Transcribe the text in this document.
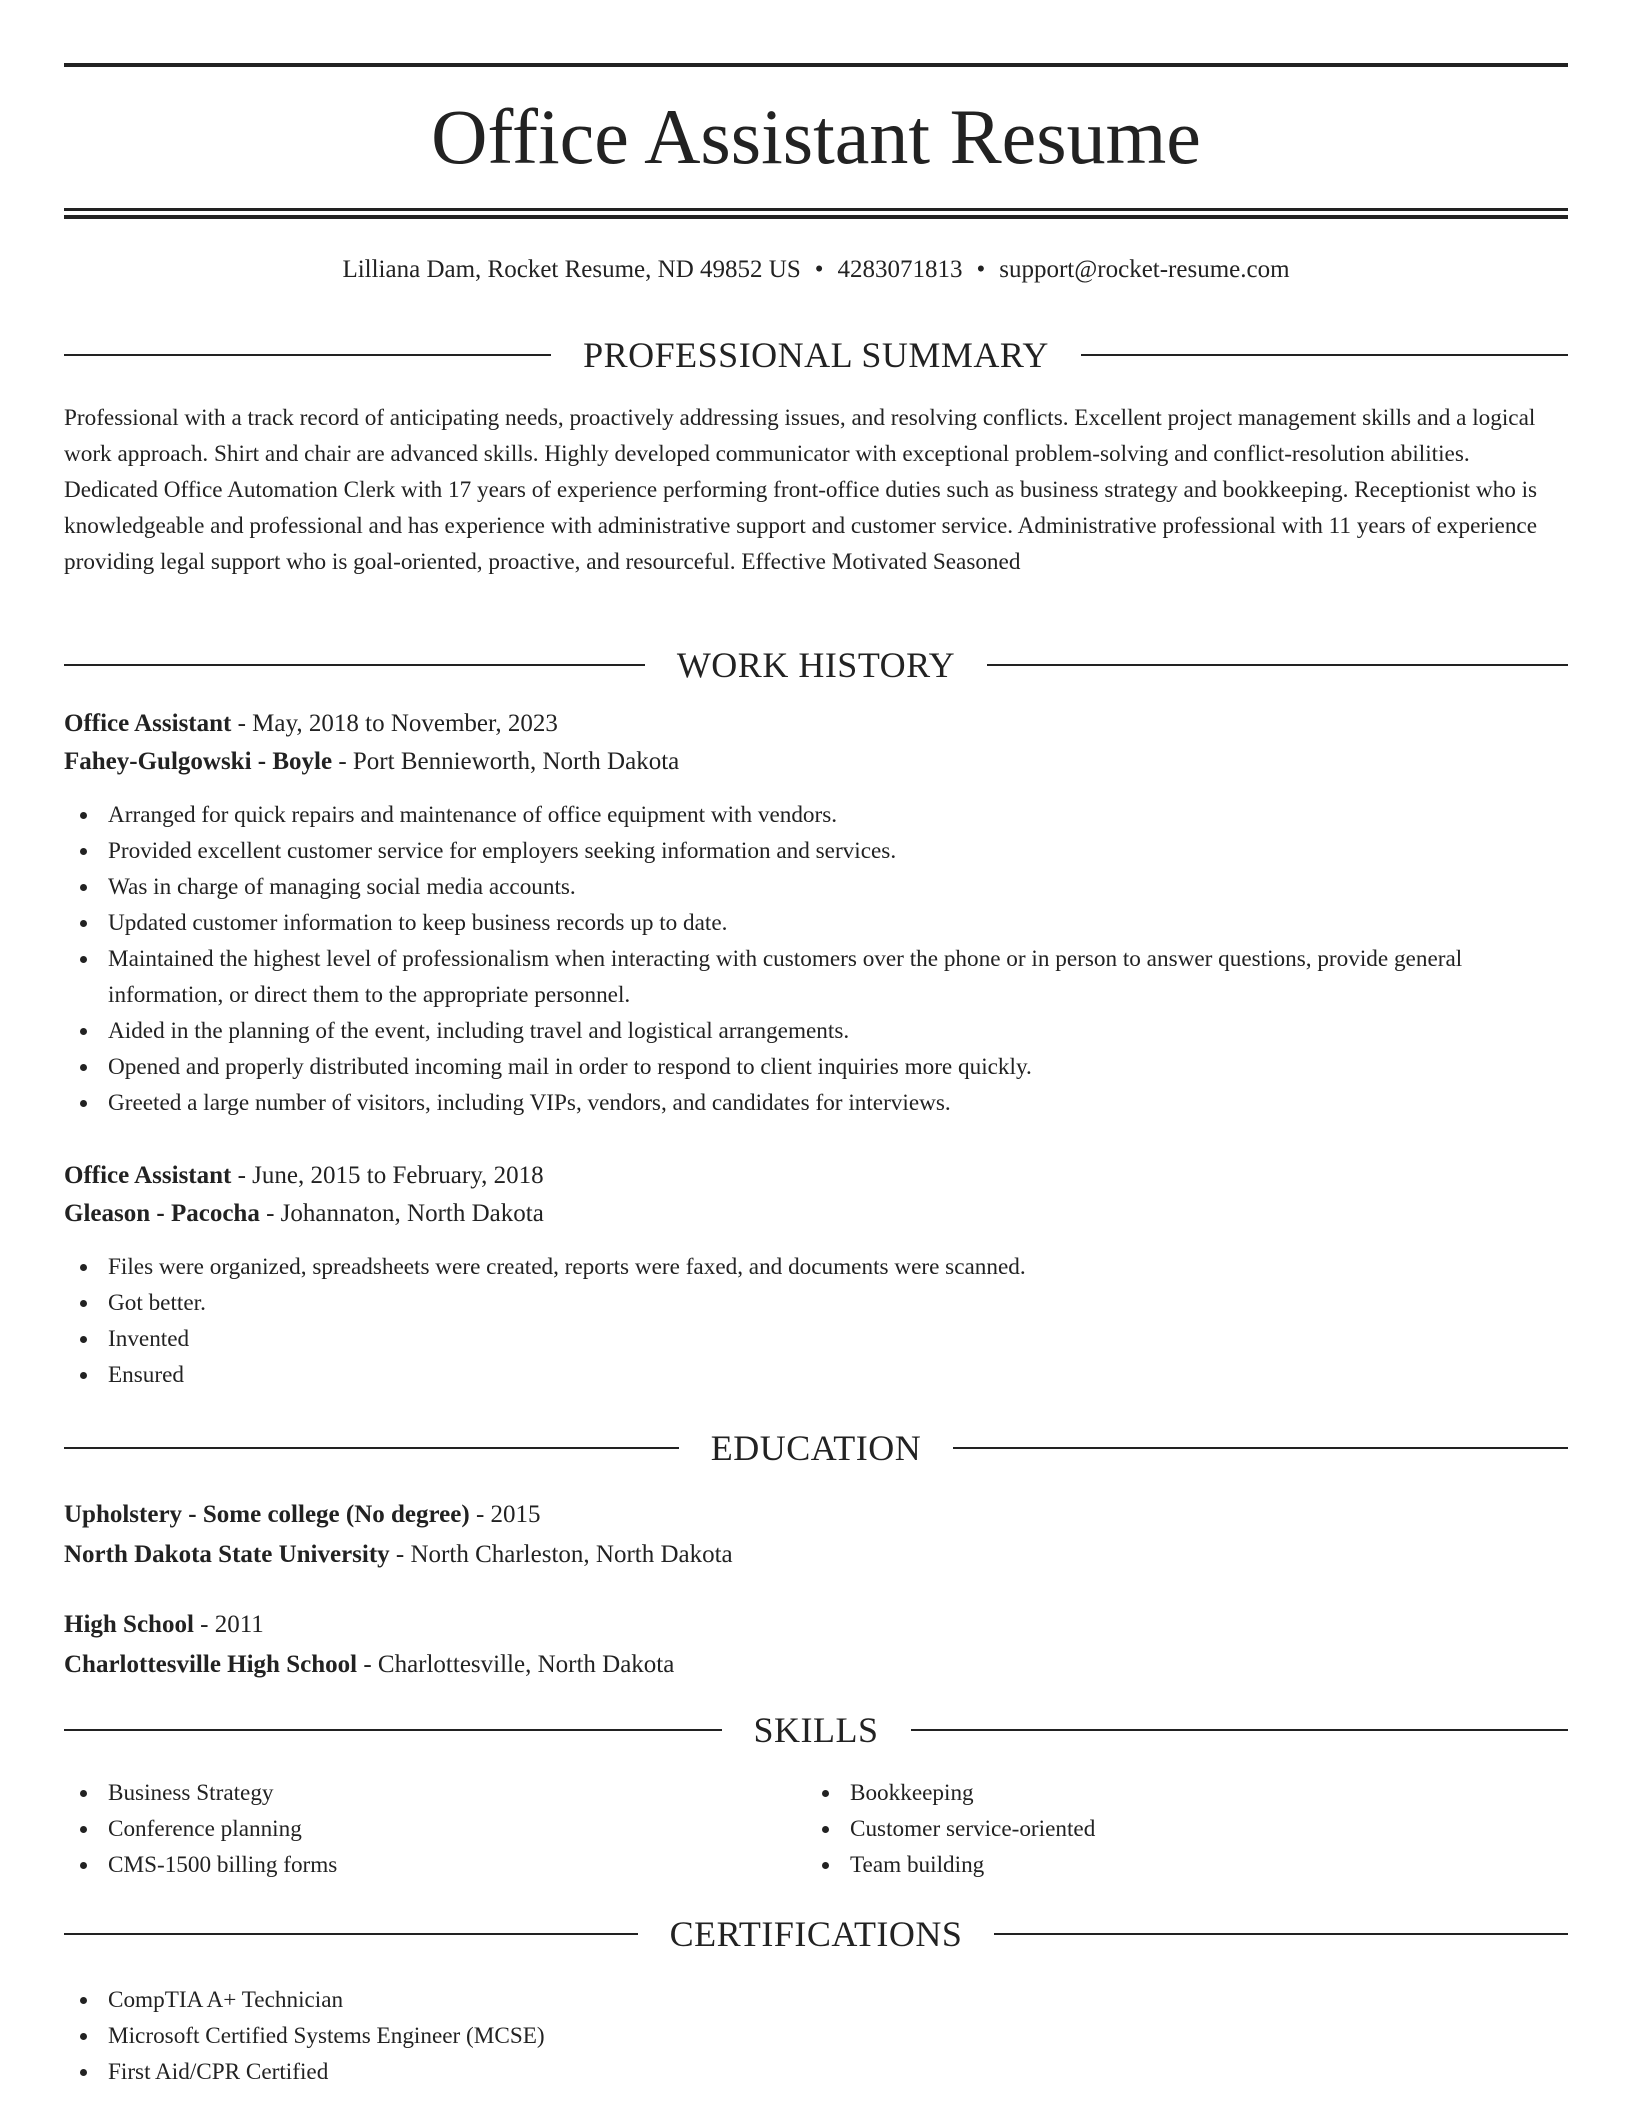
Office Assistant Resume
Lilliana Dam, Rocket Resume, ND 49852 US • 4283071813 • support@rocket-resume.com
PROFESSIONAL SUMMARY

Professional with a track record of anticipating needs, proactively addressing issues, and resolving conflicts. Excellent project management skills and a logical work approach. Shirt and chair are advanced skills. Highly developed communicator with exceptional problem-solving and conflict-resolution abilities. Dedicated Office Automation Clerk with 17 years of experience performing front-office duties such as business strategy and bookkeeping. Receptionist who is knowledgeable and professional and has experience with administrative support and customer service. Administrative professional with 11 years of experience providing legal support who is goal-oriented, proactive, and resourceful. Effective Motivated Seasoned

WORK HISTORY
Office Assistant - May, 2018 to November, 2023
Fahey-Gulgowski - Boyle - Port Bennieworth, North Dakota
Arranged for quick repairs and maintenance of office equipment with vendors.
Provided excellent customer service for employers seeking information and services.
Was in charge of managing social media accounts.
Updated customer information to keep business records up to date.
Maintained the highest level of professionalism when interacting with customers over the phone or in person to answer questions, provide general information, or direct them to the appropriate personnel.
Aided in the planning of the event, including travel and logistical arrangements.
Opened and properly distributed incoming mail in order to respond to client inquiries more quickly.
Greeted a large number of visitors, including VIPs, vendors, and candidates for interviews.
Office Assistant - June, 2015 to February, 2018
Gleason - Pacocha - Johannaton, North Dakota
Files were organized, spreadsheets were created, reports were faxed, and documents were scanned.
Got better.
Invented
Ensured
EDUCATION
Upholstery - Some college (No degree) - 2015
North Dakota State University - North Charleston, North Dakota
High School - 2011
Charlottesville High School - Charlottesville, North Dakota
SKILLS
Business Strategy
Conference planning
CMS-1500 billing forms
Bookkeeping
Customer service-oriented
Team building
CERTIFICATIONS
CompTIA A+ Technician
Microsoft Certified Systems Engineer (MCSE)
First Aid/CPR Certified
